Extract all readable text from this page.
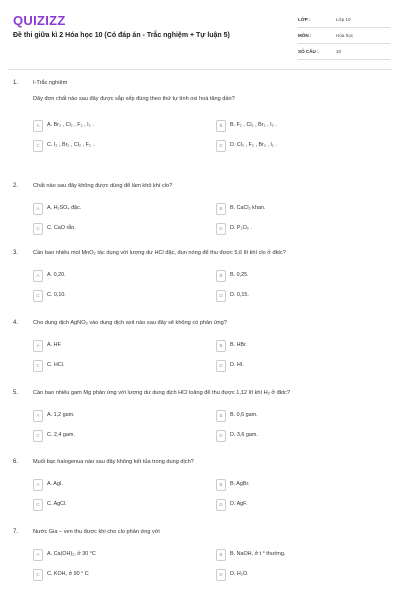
QUIZIZZ
Đề thi giữa kì 2 Hóa học 10 (Có đáp án - Trắc nghiệm + Tự luận 5)
LỚP :	Lớp 10
MÔN :	Hóa học
SỐ CÂU :	10
1.	I-Trắc nghiệm
Dãy đơn chất nào sau đây được sắp xếp đúng theo thứ tự tính oxi hoá tăng dần?
A	A. Br₂ , Cl₂ , F₂ , I₂ .	B	B. F₂ , Cl₂ , Br₂ , I₂ .
C	C. I₂ , Br₂ , Cl₂ , F₂ .	D	D. Cl₂ , F₂ , Br₂ , I₂ .
2.	Chất nào sau đây không được dùng để làm khô khí clo?
A	A. H₂SO₄ đặc.	B	B. CaCl₂ khan.
C	C. CaO rắn.	D	D. P₂O₅ .
3.	Cần bao nhiêu mol MnO₂ tác dụng với lượng dư HCl đặc, đun nóng để thu được 5,6 lít khí clo ở đktc?
A	A. 0,20.	B	B. 0,25.
C	C. 0,10.	D	D. 0,15.
4.	Cho dung dịch AgNO₃ vào dung dịch axit nào sau đây sẽ không có phản ứng?
A	A. HF.	B	B. HBr.
C	C. HCl.	D	D. HI.
5.	Cần bao nhiêu gam Mg phản ứng với lượng dư dung dịch HCl loãng để thu được 1,12 lít khí H₂ ở đktc?
A	A. 1,2 gam.	B	B. 0,6 gam.
C	C. 2,4 gam.	D	D. 3,6 gam.
6.	Muối bạc halogenua nào sau đây không kết tủa trong dung dịch?
A	A. AgI.	B	B. AgBr.
C	C. AgCl.	D	D. AgF.
7.	Nước Gia – ven thu được khi cho clo phản ứng với
A	A. Ca(OH)₂, ở 30 °C	B	B. NaOH, ở t ° thường.
C	C. KOH, ở 90 ° C	D	D. H₂O.
